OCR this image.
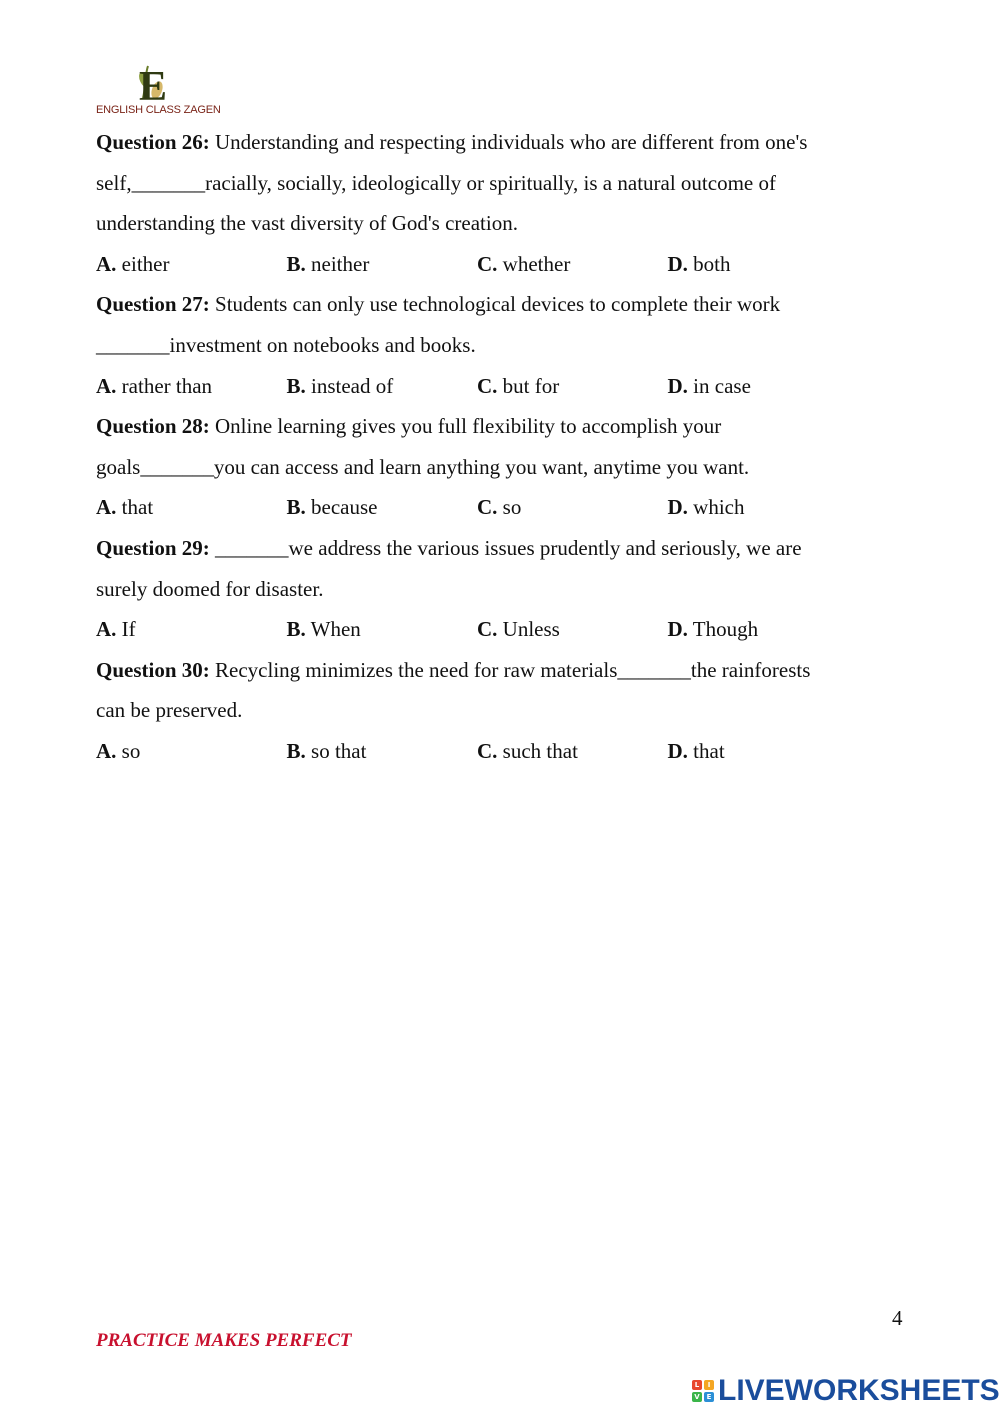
E
ENGLISH CLASS ZAGEN
Question 26: Understanding and respecting individuals who are different from one's
self,_______racially, socially, ideologically or spiritually, is a natural outcome of
understanding the vast diversity of God's creation.
A. either	B. neither	C. whether	D. both
Question 27: Students can only use technological devices to complete their work
_______investment on notebooks and books.
A. rather than	B. instead of	C. but for	D. in case
Question 28: Online learning gives you full flexibility to accomplish your
goals_______you can access and learn anything you want, anytime you want.
A. that	B. because	C. so	D. which
Question 29: _______we address the various issues prudently and seriously, we are
surely doomed for disaster.
A. If	B. When	C. Unless	D. Though
Question 30: Recycling minimizes the need for raw materials_______the rainforests
can be preserved.
A. so	B. so that	C. such that	D. that
4
PRACTICE MAKES PERFECT
L	I
V E LIVEWORKSHEETS
